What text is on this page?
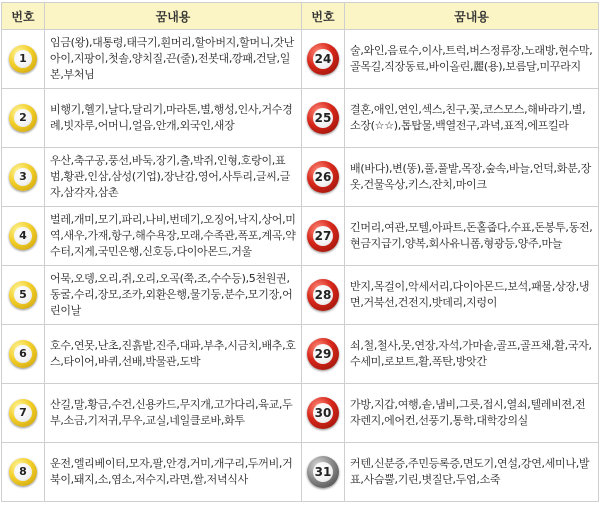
번호	꿈내용	번호	꿈내용

1	임금(왕),대통령,태극기,흰머리,할아버지,할머니,갓난아이,지팡이,첫솔,양치질,끈(줄),전봇대,깡패,건달,일본,부처님	24	술,와인,음료수,이사,트럭,버스정류장,노래방,현수막,골목길,직장동료,바이올린,麗(용),보름달,미꾸라지

2	비행기,헬기,날다,달리기,마라톤,별,행성,인사,거수경례,빗자루,어머니,얼음,안개,외국인,새장	25	결혼,애인,연인,섹스,친구,꽃,코스모스,해바라기,별,소장(☆☆),톱탑물,백열전구,과녁,표적,에프킬라

3	우산,축구공,풍선,바둑,장기,출,박쥐,인형,호랑이,표범,황관,인삼,삼성(기업),장난감,영어,사투리,글씨,글자,삼각자,삼촌	26	배(바다),변(똥),풀,풀밭,목장,숲속,바늘,언덕,화분,장옷,건물옥상,키스,잔치,마이크

4	벌레,개미,모기,파리,나비,번데기,오징어,낙지,상어,미역,새우,가재,항구,해수욕장,모래,수족관,폭포,계곡,약수터,지게,국민은행,신호등,다이아몬드,거울	27	긴머리,여관,모텔,아파트,돈홀줍다,수표,돈봉투,동전,현금지급기,양복,회사유니폼,형광등,양주,마늘

5	어묵,오뎅,오리,쥐,오리,오곡(쭉,조,수수등),5천원권,동굴,수리,장모,조카,외환은행,물기둥,분수,모기장,어린이날	28	반지,목걸이,악세서리,다이아몬드,보석,패물,상장,냉면,거북선,건전지,밧데리,지렁이

6	호수,연못,난초,진흙밭,진주,대파,부추,시금치,배추,호스,타이어,바퀴,선배,박물관,도박	29	쇠,철,철사,못,연장,자석,가마솥,골프,골프채,활,국자,수세미,로보트,활,폭탄,방앗간

7	산길,말,황금,수건,신용카드,무지개,고가다리,육교,두부,소금,기저귀,무우,교실,네일클로바,화투	30	가방,지갑,여행,솥,냄비,그릇,접시,열쇠,텔레비젼,전자렌지,에어컨,선풍기,통학,대학강의실

8	운전,엘리베이터,모자,팔,안경,거미,개구리,두꺼비,거북이,돼지,소,염소,저수지,라면,쌀,저녁식사	31	커텐,신분증,주민등록증,면도기,연설,강연,세미나,발표,사슴뿔,기린,볏질단,두엄,소죽
